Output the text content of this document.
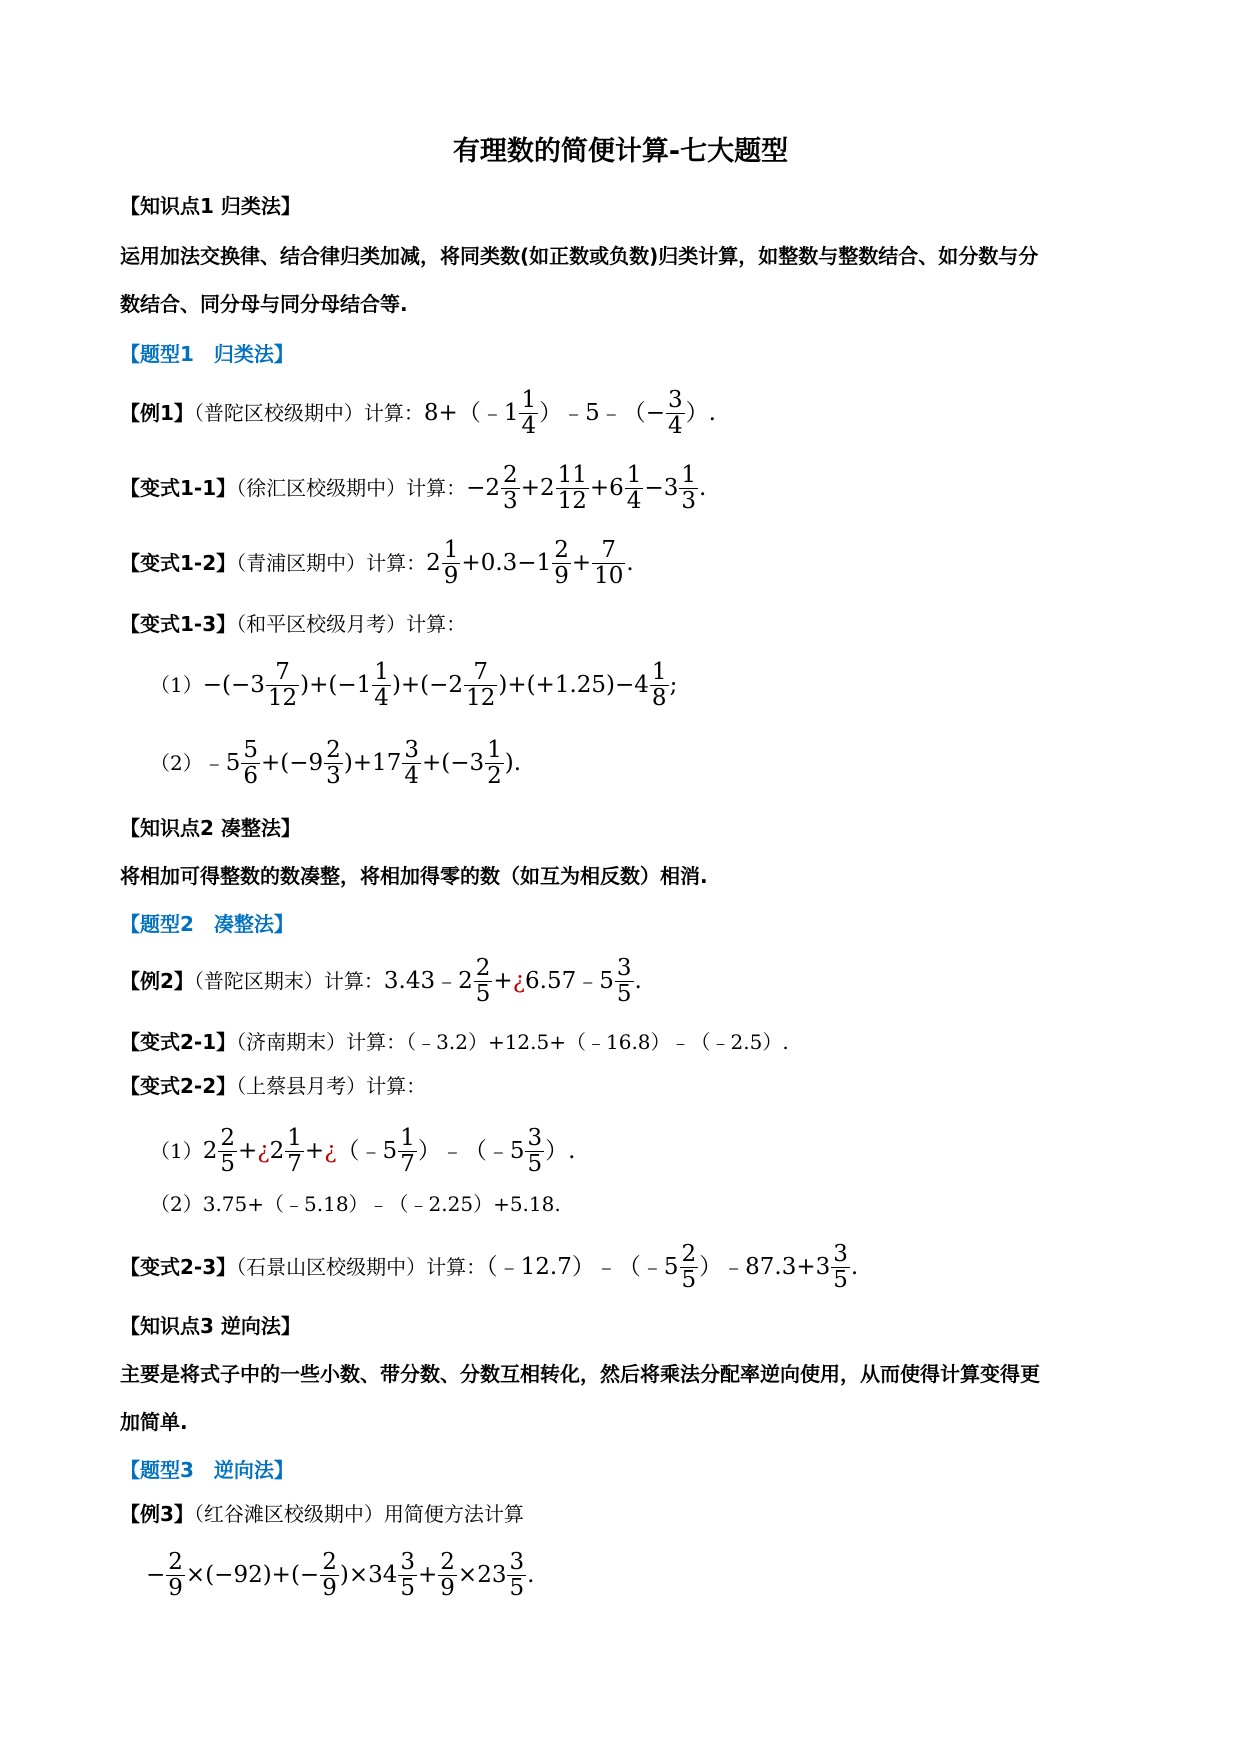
有理数的简便计算-七大题型
【知识点1 归类法】
运用加法交换律、结合律归类加减，将同类数(如正数或负数)归类计算，如整数与整数结合、如分数与分
数结合、同分母与同分母结合等.
【题型1　归类法】
【例1】（普陀区校级期中）计算：8+（﹣1 $\frac{1}{4}$ ）﹣5﹣（− $\frac{3}{4}$ ）.
【变式1-1】（徐汇区校级期中）计算：$-2 \frac{2}{3} +2 \frac{11}{12} +6 \frac{1}{4} -3 \frac{1}{3}$ .
【变式1-2】（青浦区期中）计算：$2 \frac{1}{9} +0.3-1 \frac{2}{9} + \frac{7}{10}$ .
【变式1-3】（和平区校级月考）计算：
$(1)-(-3 \frac{7}{12} )+(-1 \frac{1}{4} )+(-2 \frac{7}{12} )+(+1.25)-4 \frac{1}{8}$ ;
（2）﹣5 $\frac{5}{6} +(-9 \frac{2}{3} )+17 \frac{3}{4} +(-3 \frac{1}{2}$ ).
【知识点2 凑整法】
将相加可得整数的数凑整，将相加得零的数（如互为相反数）相消.
【题型2　凑整法】
【例2】（普陀区期末）计算：3.43﹣2 $\frac{2}{5}$ +¿6.57﹣5 $\frac{3}{5}$ .
【变式2-1】（济南期末）计算：（﹣3.2）+12.5+（﹣16.8）﹣（﹣2.5）.
【变式2-2】（上蔡县月考）计算：
$(1)2 \frac{2}{5}$ +¿2 $\frac{1}{7}$ +¿（﹣5 $\frac{1}{7}$ ）﹣（﹣5 $\frac{3}{5}$ ）.
（2）3.75+（﹣5.18）﹣（﹣2.25）+5.18.
【变式2-3】（石景山区校级期中）计算：（﹣12.7）﹣（﹣5 $\frac{2}{5}$ ）﹣87.3+3 $\frac{3}{5}$ .
【知识点3 逆向法】
主要是将式子中的一些小数、带分数、分数互相转化，然后将乘法分配率逆向使用，从而使得计算变得更
加简单.
【题型3　逆向法】
【例3】（红谷滩区校级期中）用简便方法计算
− $\frac{2}{9} \times(-92)+(- \frac{2}{9} )\times 34 \frac{3}{5} + \frac{2}{9} \times 23 \frac{3}{5}$ .
